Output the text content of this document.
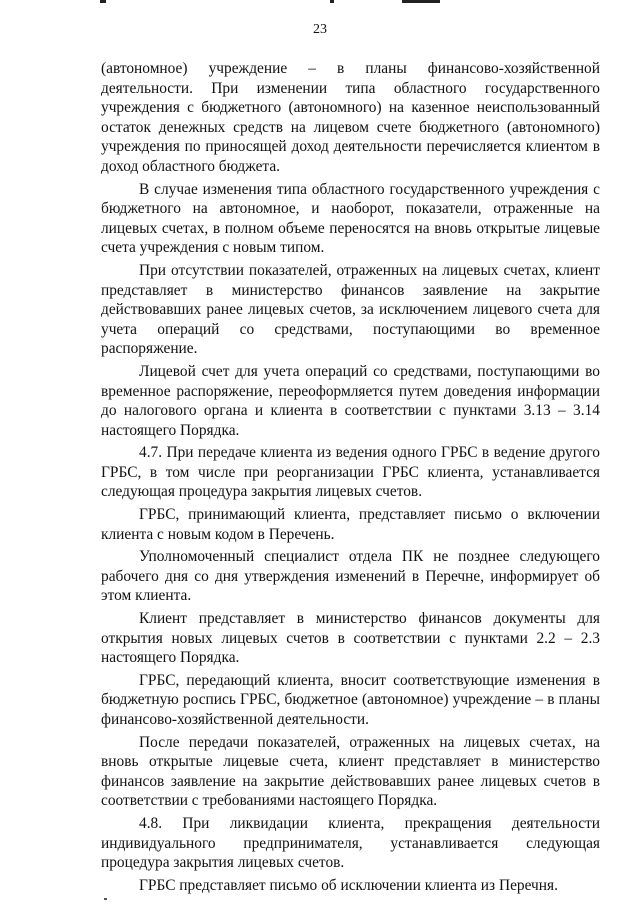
23

(автономное) учреждение – в планы финансово-хозяйственной деятельности. При изменении типа областного государственного учреждения с бюджетного (автономного) на казенное неиспользованный остаток денежных средств на лицевом счете бюджетного (автономного) учреждения по приносящей доход деятельности перечисляется клиентом в доход областного бюджета.

В случае изменения типа областного государственного учреждения с бюджетного на автономное, и наоборот, показатели, отраженные на лицевых счетах, в полном объеме переносятся на вновь открытые лицевые счета учреждения с новым типом.

При отсутствии показателей, отраженных на лицевых счетах, клиент представляет в министерство финансов заявление на закрытие действовавших ранее лицевых счетов, за исключением лицевого счета для учета операций со средствами, поступающими во временное распоряжение.

Лицевой счет для учета операций со средствами, поступающими во временное распоряжение, переоформляется путем доведения информации до налогового органа и клиента в соответствии с пунктами 3.13 – 3.14 настоящего Порядка.

4.7. При передаче клиента из ведения одного ГРБС в ведение другого ГРБС, в том числе при реорганизации ГРБС клиента, устанавливается следующая процедура закрытия лицевых счетов.

ГРБС, принимающий клиента, представляет письмо о включении клиента с новым кодом в Перечень.

Уполномоченный специалист отдела ПК не позднее следующего рабочего дня со дня утверждения изменений в Перечне, информирует об этом клиента.

Клиент представляет в министерство финансов документы для открытия новых лицевых счетов в соответствии с пунктами 2.2 – 2.3 настоящего Порядка.

ГРБС, передающий клиента, вносит соответствующие изменения в бюджетную роспись ГРБС, бюджетное (автономное) учреждение – в планы финансово-хозяйственной деятельности.

После передачи показателей, отраженных на лицевых счетах, на вновь открытые лицевые счета, клиент представляет в министерство финансов заявление на закрытие действовавших ранее лицевых счетов в соответствии с требованиями настоящего Порядка.

4.8. При ликвидации клиента, прекращения деятельности индивидуального предпринимателя, устанавливается следующая процедура закрытия лицевых счетов.

ГРБС представляет письмо об исключении клиента из Перечня.
